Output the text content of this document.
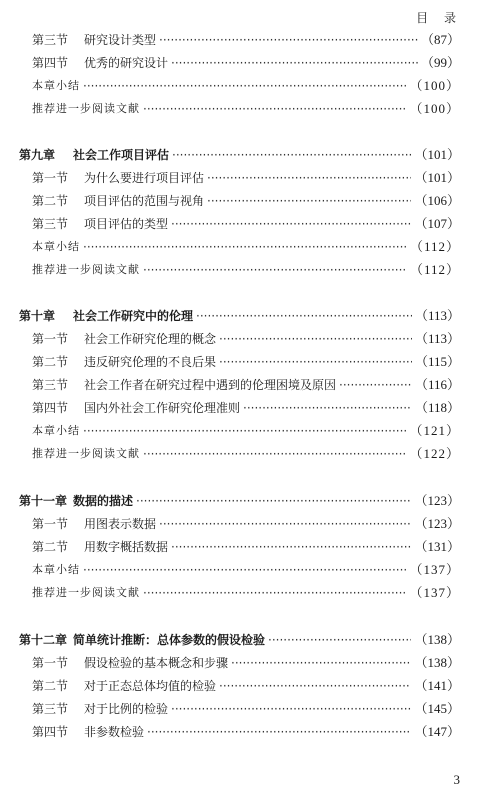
目 录
第三节 研究设计类型 ·····	（87）
第四节 优秀的研究设计 ·····	（99）
本章小结 ·····	（100）
推荐进一步阅读文献 ·····	（100）
第九章 社会工作项目评估 ·····	（101）
第一节 为什么要进行项目评估 ·····	（101）
第二节 项目评估的范围与视角 ·····	（106）
第三节 项目评估的类型 ·····	（107）
本章小结 ·····	（112）
推荐进一步阅读文献 ·····	（112）
第十章 社会工作研究中的伦理 ·····	（113）
第一节 社会工作研究伦理的概念 ·····	（113）
第二节 违反研究伦理的不良后果 ·····	（115）
第三节 社会工作者在研究过程中遇到的伦理困境及原因 ·····	（116）
第四节 国内外社会工作研究伦理准则 ·····	（118）
本章小结 ·····	（121）
推荐进一步阅读文献 ·····	（122）
第十一章 数据的描述 ·····	（123）
第一节 用图表示数据 ·····	（123）
第二节 用数字概括数据 ·····	（131）
本章小结 ·····	（137）
推荐进一步阅读文献 ·····	（137）
第十二章 简单统计推断：总体参数的假设检验 ·····	（138）
第一节 假设检验的基本概念和步骤 ·····	（138）
第二节 对于正态总体均值的检验 ·····	（141）
第三节 对于比例的检验 ·····	（145）
第四节 非参数检验 ·····	（147）
3
